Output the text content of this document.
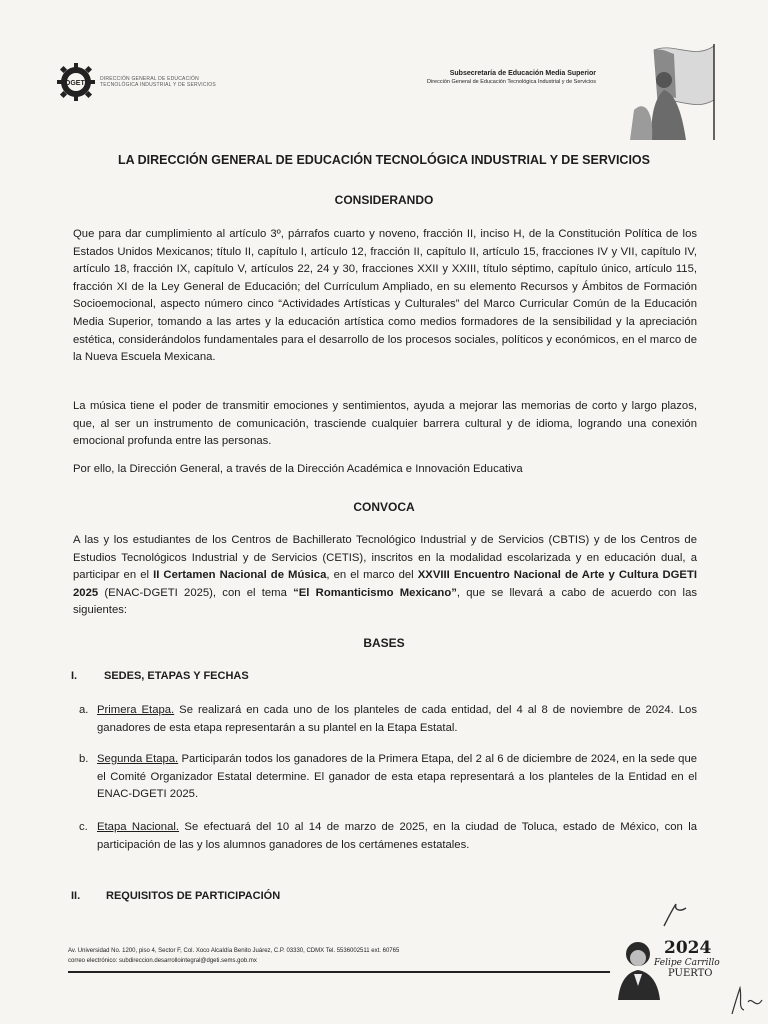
DGETI
DIRECCIÓN GENERAL DE EDUCACIÓN
TECNOLÓGICA INDUSTRIAL Y DE SERVICIOS
Subsecretaría de Educación Media Superior
Dirección General de Educación Tecnológica Industrial y de Servicios
LA DIRECCIÓN GENERAL DE EDUCACIÓN TECNOLÓGICA INDUSTRIAL Y DE SERVICIOS
CONSIDERANDO

Que para dar cumplimiento al artículo 3º, párrafos cuarto y noveno, fracción II, inciso H, de la Constitución Política de los Estados Unidos Mexicanos; título II, capítulo I, artículo 12, fracción II, capítulo II, artículo 15, fracciones IV y VII, capítulo IV, artículo 18, fracción IX, capítulo V, artículos 22, 24 y 30, fracciones XXII y XXIII, título séptimo, capítulo único, artículo 115, fracción XI de la Ley General de Educación; del Currículum Ampliado, en su elemento Recursos y Ámbitos de Formación Socioemocional, aspecto número cinco “Actividades Artísticas y Culturales” del Marco Curricular Común de la Educación Media Superior, tomando a las artes y la educación artística como medios formadores de la sensibilidad y la apreciación estética, considerándolos fundamentales para el desarrollo de los procesos sociales, políticos y económicos, en el marco de la Nueva Escuela Mexicana.

La música tiene el poder de transmitir emociones y sentimientos, ayuda a mejorar las memorias de corto y largo plazos, que, al ser un instrumento de comunicación, trasciende cualquier barrera cultural y de idioma, logrando una conexión emocional profunda entre las personas.

Por ello, la Dirección General, a través de la Dirección Académica e Innovación Educativa

CONVOCA

A las y los estudiantes de los Centros de Bachillerato Tecnológico Industrial y de Servicios (CBTIS) y de los Centros de Estudios Tecnológicos Industrial y de Servicios (CETIS), inscritos en la modalidad escolarizada y en educación dual, a participar en el II Certamen Nacional de Música, en el marco del XXVIII Encuentro Nacional de Arte y Cultura DGETI 2025 (ENAC-DGETI 2025), con el tema “El Romanticismo Mexicano”, que se llevará a cabo de acuerdo con las siguientes:

BASES
I. SEDES, ETAPAS Y FECHAS
a. Primera Etapa. Se realizará en cada uno de los planteles de cada entidad, del 4 al 8 de noviembre de 2024. Los ganadores de esta etapa representarán a su plantel en la Etapa Estatal.

b. Segunda Etapa. Participarán todos los ganadores de la Primera Etapa, del 2 al 6 de diciembre de 2024, en la sede que el Comité Organizador Estatal determine. El ganador de esta etapa representará a los planteles de la Entidad en el ENAC-DGETI 2025.

c. Etapa Nacional. Se efectuará del 10 al 14 de marzo de 2025, en la ciudad de Toluca, estado de México, con la participación de las y los alumnos ganadores de los certámenes estatales.

II. REQUISITOS DE PARTICIPACIÓN
Av. Universidad No. 1200, piso 4, Sector F, Col. Xoco Alcaldía Benito Juárez, C.P. 03330, CDMX Tel. 5536002511 ext. 60765
correo electrónico: subdireccion.desarrollointegral@dgeti.sems.gob.mx
2024
Felipe Carrillo
PUERTO
